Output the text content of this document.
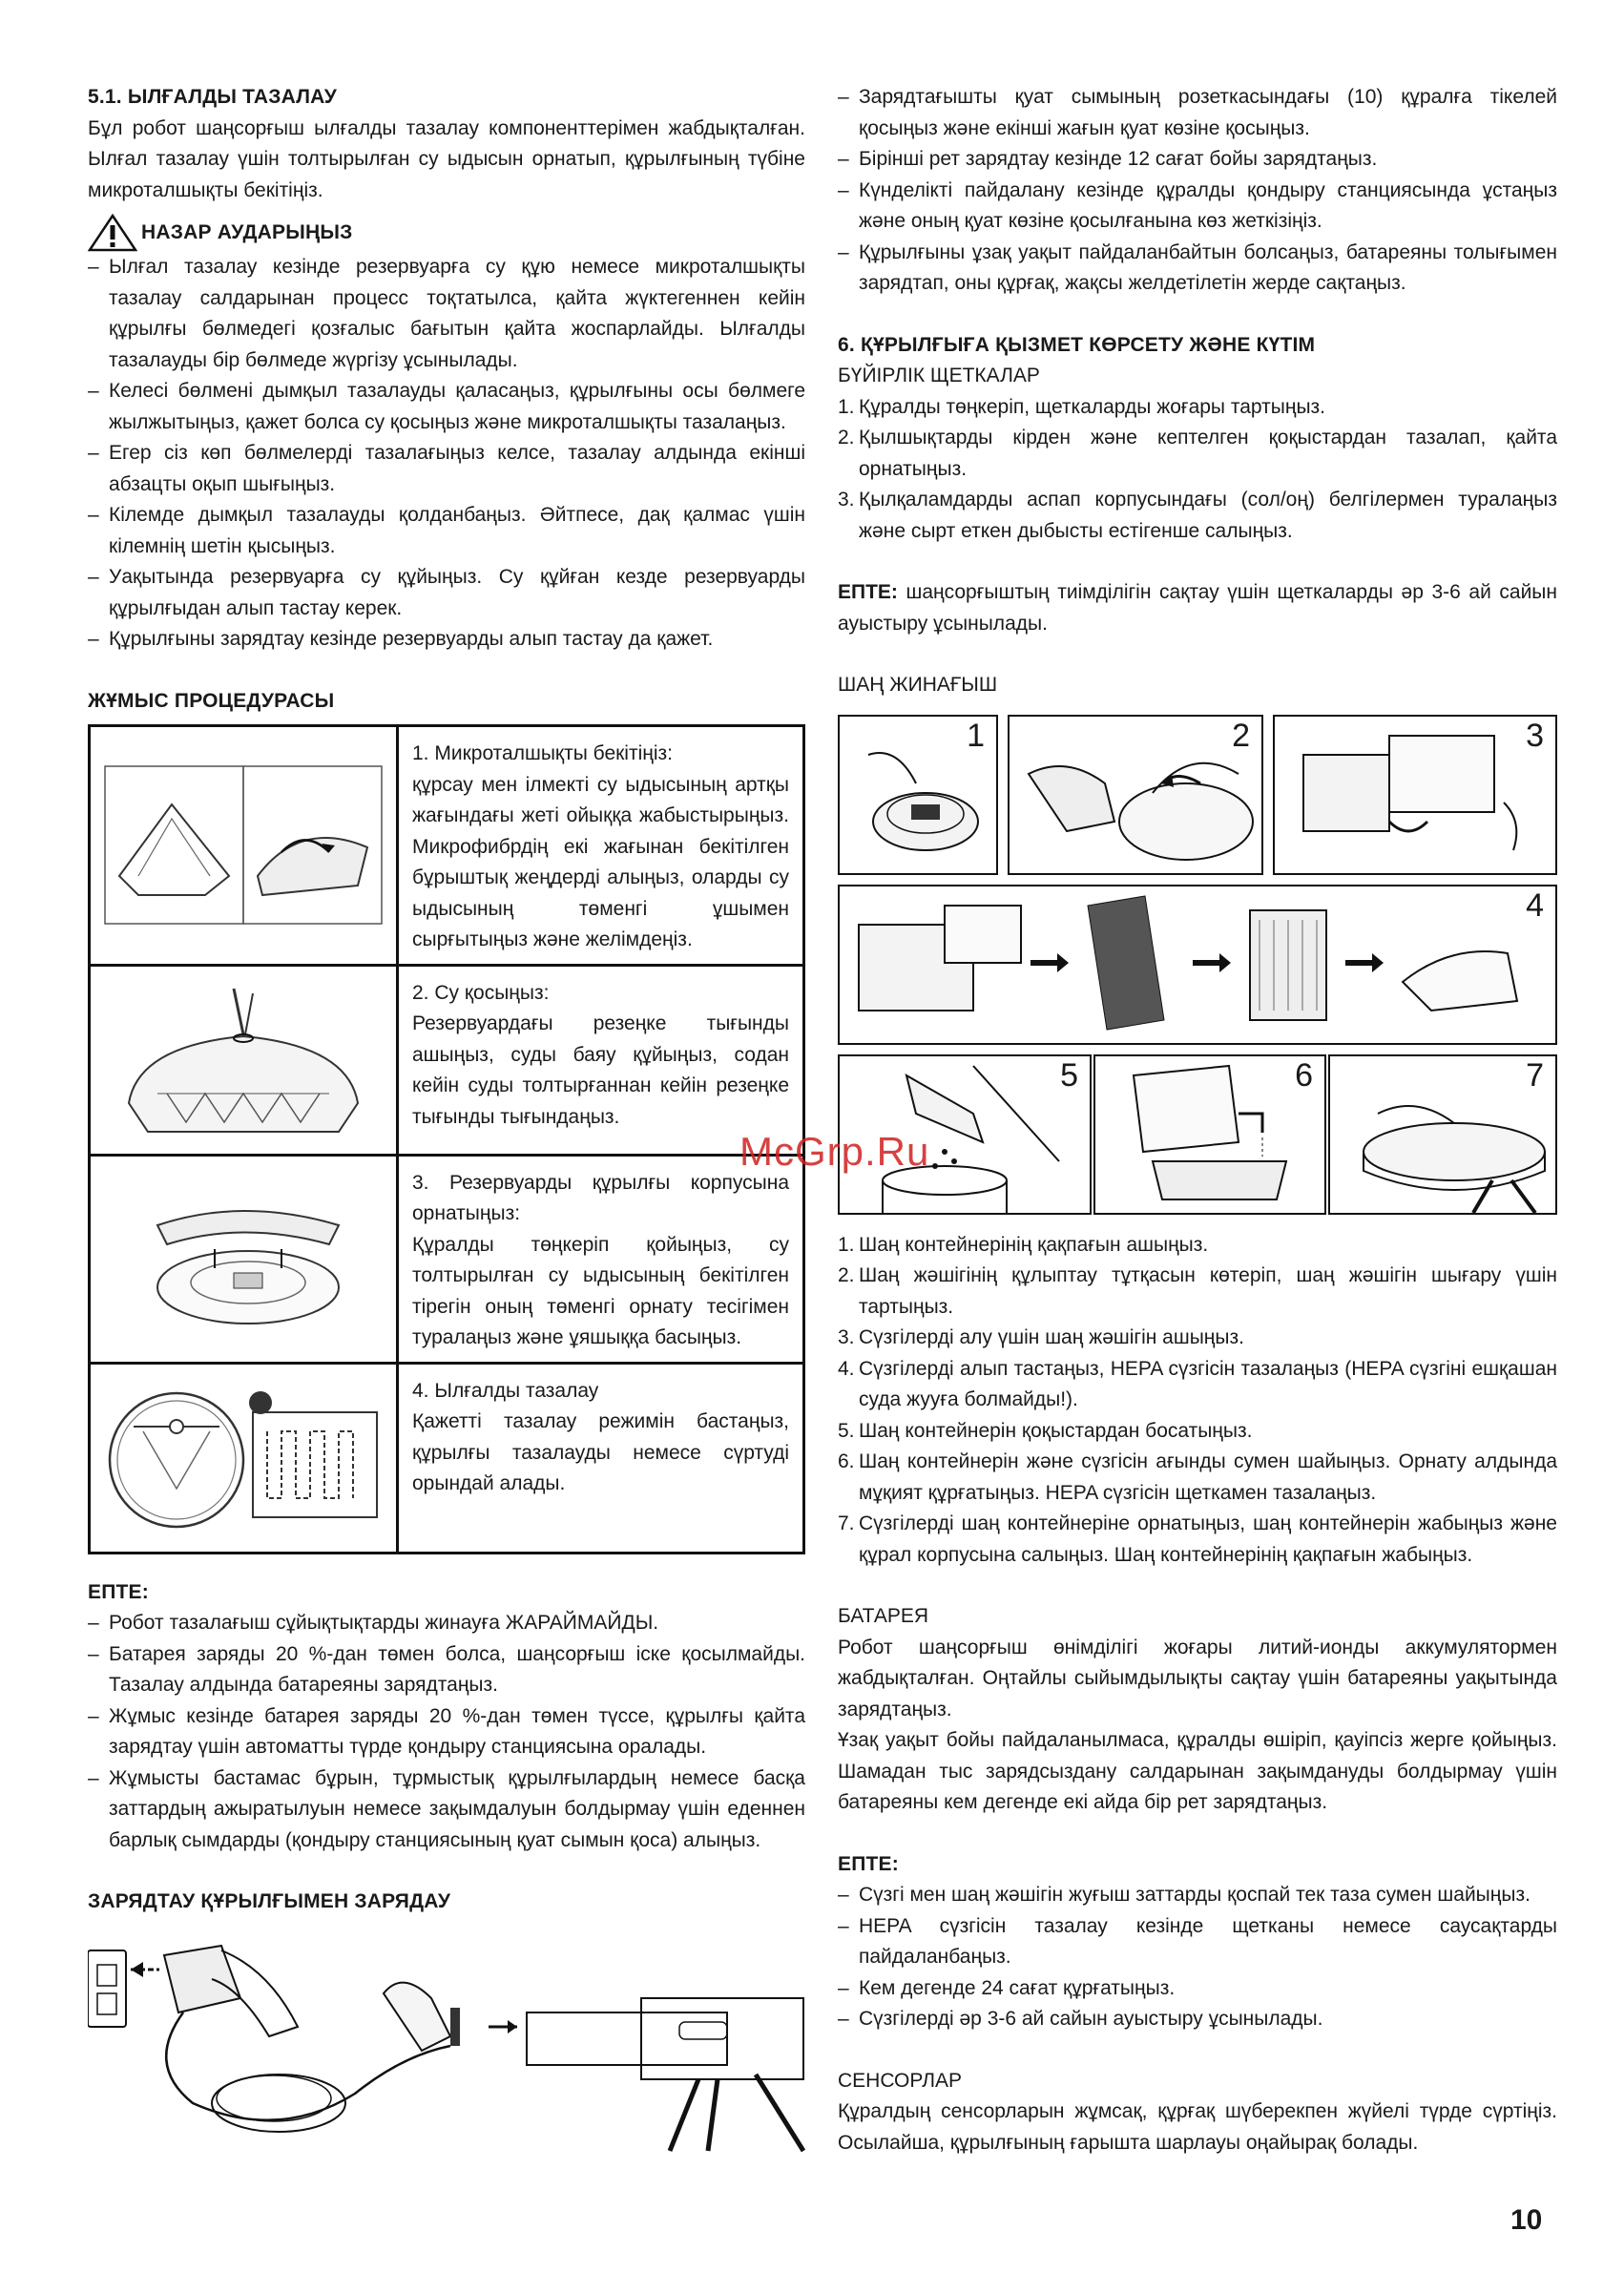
5.1. ЫЛҒАЛДЫ ТАЗАЛАУ

Бұл робот шаңсорғыш ылғалды тазалау компоненттерімен жабдықталған. Ылғал тазалау үшін толтырылған су ыдысын орнатып, құрылғының түбіне микроталшықты бекітіңіз.

НАЗАР АУДАРЫҢЫЗ
– Ылғал тазалау кезінде резервуарға су құю немесе микроталшықты тазалау салдарынан процесс тоқтатылса, қайта жүктегеннен кейін құрылғы бөлмедегі қозғалыс бағытын қайта жоспарлайды. Ылғалды тазалауды бір бөлмеде жүргізу ұсынылады.
– Келесі бөлмені дымқыл тазалауды қаласаңыз, құрылғыны осы бөлмеге жылжытыңыз, қажет болса су қосыңыз және микроталшықты тазалаңыз.
– Егер сіз көп бөлмелерді тазалағыңыз келсе, тазалау алдында екінші абзацты оқып шығыңыз.
– Кілемде дымқыл тазалауды қолданбаңыз. Әйтпесе, дақ қалмас үшін кілемнің шетін қысыңыз.
– Уақытында резервуарға су құйыңыз. Су құйған кезде резервуарды құрылғыдан алып тастау керек.
– Құрылғыны зарядтау кезінде резервуарды алып тастау да қажет.
ЖҰМЫС ПРОЦЕДУРАСЫ

1. Микроталшықты бекітіңіз:
құрсау мен ілмекті су ыдысының артқы жағындағы жеті ойыққа жабыстырыңыз. Микрофибрдің екі жағынан бекітілген бұрыштық жеңдерді алыңыз, оларды су ыдысының төменгі ұшымен сырғытыңыз және желімдеңіз.

2. Су қосыңыз:
Резервуардағы резеңке тығынды ашыңыз, суды баяу құйыңыз, содан кейін суды толтырғаннан кейін резеңке тығынды тығындаңыз.

3. Резервуарды құрылғы корпусына орнатыңыз:
Құралды төңкеріп қойыңыз, су толтырылған су ыдысының бекітілген тірегін оның төменгі орнату тесігімен туралаңыз және ұяшыққа басыңыз.

4. Ылғалды тазалау
Қажетті тазалау режимін бастаңыз, құрылғы тазалауды немесе сүртуді орындай алады.
ЕПТЕ:
– Робот тазалағыш сұйықтықтарды жинауға ЖАРАЙМАЙДЫ.
– Батарея заряды 20 %-дан төмен болса, шаңсорғыш іске қосылмайды. Тазалау алдында батареяны зарядтаңыз.
– Жұмыс кезінде батарея заряды 20 %-дан төмен түссе, құрылғы қайта зарядтау үшін автоматты түрде қондыру станциясына оралады.
– Жұмысты бастамас бұрын, тұрмыстық құрылғылардың немесе басқа заттардың ажыратылуын немесе зақымдалуын болдырмау үшін еденнен барлық сымдарды (қондыру станциясының қуат сымын қоса) алыңыз.
ЗАРЯДТАУ ҚҰРЫЛҒЫМЕН ЗАРЯДАУ
– Зарядтағышты қуат сымының розеткасындағы (10) құралға тікелей қосыңыз және екінші жағын қуат көзіне қосыңыз.
– Бірінші рет зарядтау кезінде 12 сағат бойы зарядтаңыз.
– Күнделікті пайдалану кезінде құралды қондыру станциясында ұстаңыз және оның қуат көзіне қосылғанына көз жеткізіңіз.
– Құрылғыны ұзақ уақыт пайдаланбайтын болсаңыз, батареяны толығымен зарядтап, оны құрғақ, жақсы желдетілетін жерде сақтаңыз.
6. ҚҰРЫЛҒЫҒА ҚЫЗМЕТ КӨРСЕТУ ЖӘНЕ КҮТІМ
БҮЙІРЛІК ЩЕТКАЛАР
1. Құралды төңкеріп, щеткаларды жоғары тартыңыз.
2. Қылшықтарды кірден және кептелген қоқыстардан тазалап, қайта орнатыңыз.
3. Қылқаламдарды аспап корпусындағы (сол/оң) белгілермен туралаңыз және сырт еткен дыбысты естігенше салыңыз.

ЕПТЕ: шаңсорғыштың тиімділігін сақтау үшін щеткаларды әр 3-6 ай сайын ауыстыру ұсынылады.

ШАҢ ЖИНАҒЫШ
1	2	3
4
5	6	7
1. Шаң контейнерінің қақпағын ашыңыз.
2. Шаң жәшігінің құлыптау тұтқасын көтеріп, шаң жәшігін шығару үшін тартыңыз.
3. Сүзгілерді алу үшін шаң жәшігін ашыңыз.
4. Сүзгілерді алып тастаңыз, HEPA сүзгісін тазалаңыз (HEPA сүзгіні ешқашан суда жууға болмайды!).
5. Шаң контейнерін қоқыстардан босатыңыз.
6. Шаң контейнерін және сүзгісін ағынды сумен шайыңыз. Орнату алдында мұқият құрғатыңыз. HEPA сүзгісін щеткамен тазалаңыз.
7. Сүзгілерді шаң контейнеріне орнатыңыз, шаң контейнерін жабыңыз және құрал корпусына салыңыз. Шаң контейнерінің қақпағын жабыңыз.
БАТАРЕЯ

Робот шаңсорғыш өнімділігі жоғары литий-ионды аккумулятормен жабдықталған. Оңтайлы сыйымдылықты сақтау үшін батареяны уақытында зарядтаңыз.

Ұзақ уақыт бойы пайдаланылмаса, құралды өшіріп, қауіпсіз жерге қойыңыз. Шамадан тыс зарядсыздану салдарынан зақымдануды болдырмау үшін батареяны кем дегенде екі айда бір рет зарядтаңыз.

ЕПТЕ:
– Сүзгі мен шаң жәшігін жуғыш заттарды қоспай тек таза сумен шайыңыз.
– HEPA сүзгісін тазалау кезінде щетканы немесе саусақтарды пайдаланбаңыз.
– Кем дегенде 24 сағат құрғатыңыз.
– Сүзгілерді әр 3-6 ай сайын ауыстыру ұсынылады.
СЕНСОРЛАР

Құралдың сенсорларын жұмсақ, құрғақ шүберекпен жүйелі түрде сүртіңіз. Осылайша, құрылғының ғарышта шарлауы оңайырақ болады.

McGrp.Ru
10
